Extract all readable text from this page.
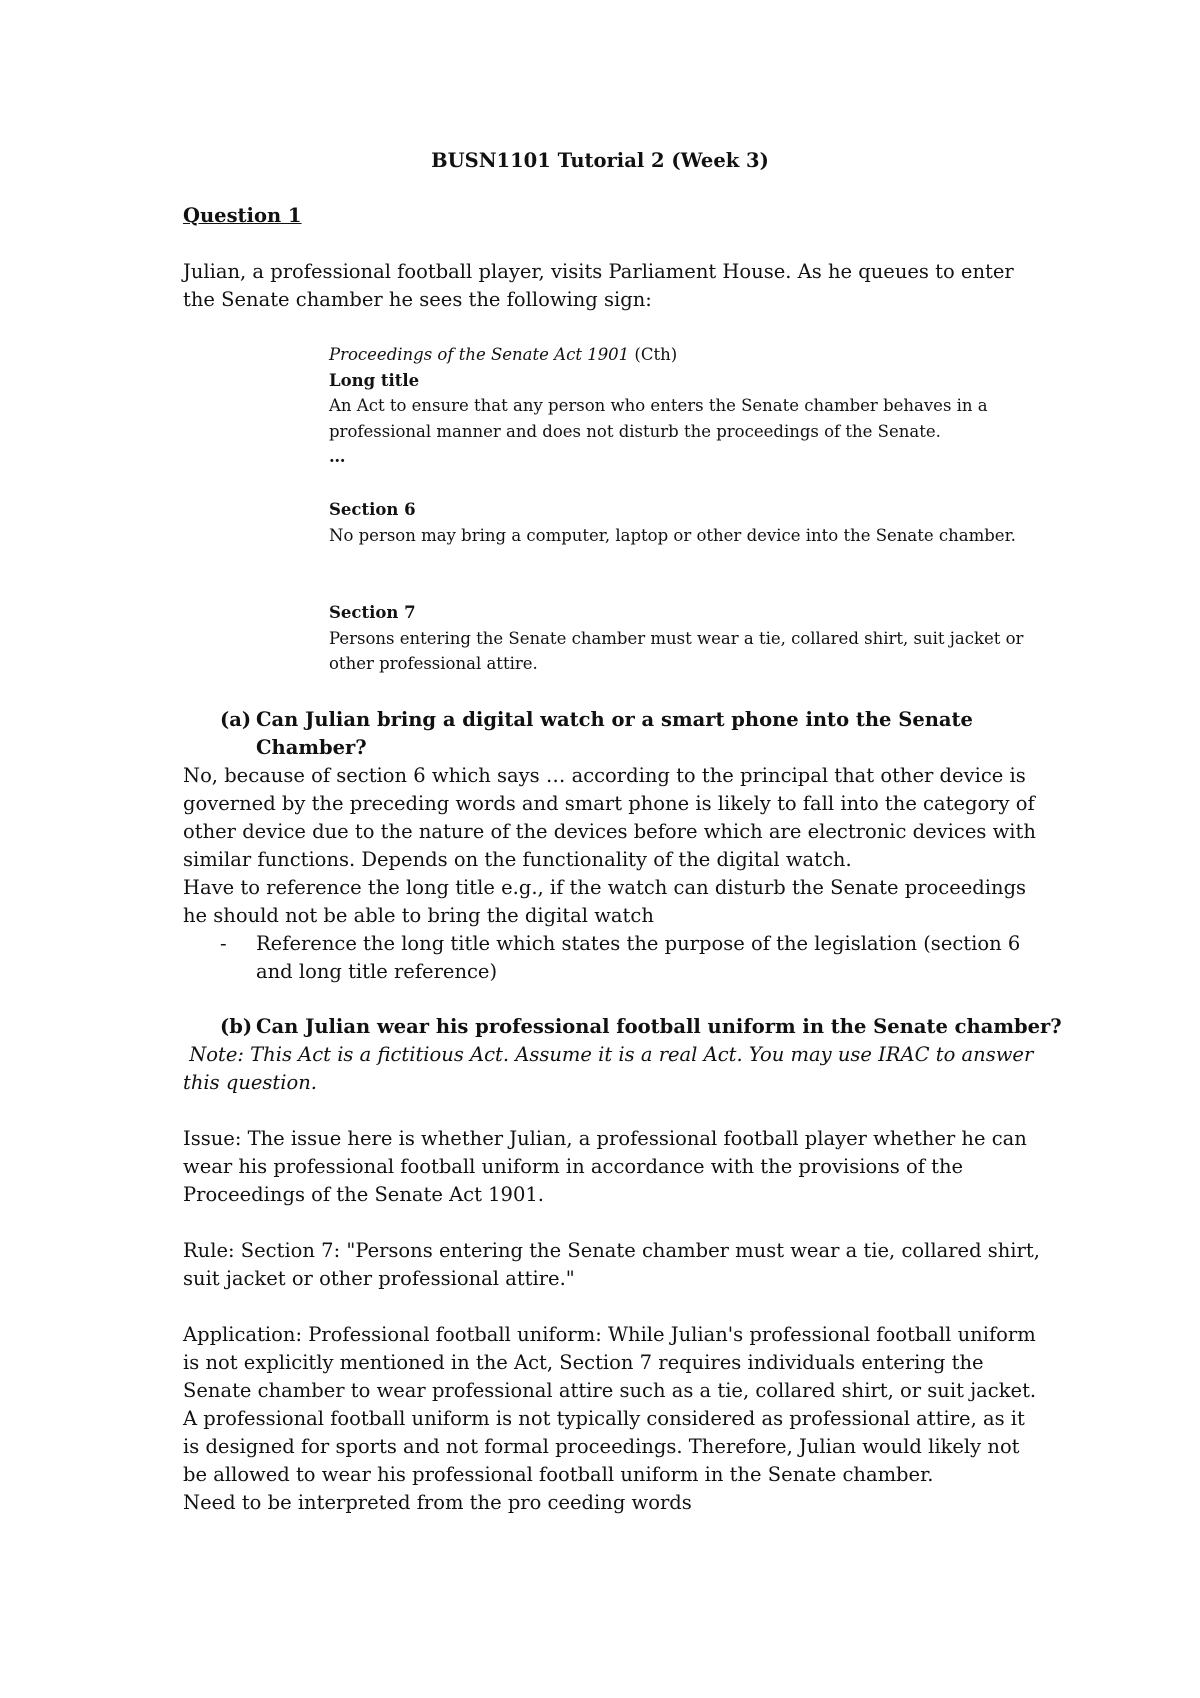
BUSN1101 Tutorial 2 (Week 3)
Question 1

Julian, a professional football player, visits Parliament House. As he queues to enter the Senate chamber he sees the following sign:

Proceedings of the Senate Act 1901 (Cth)
Long title
An Act to ensure that any person who enters the Senate chamber behaves in a professional manner and does not disturb the proceedings of the Senate.
…
Section 6
No person may bring a computer, laptop or other device into the Senate chamber.
Section 7
Persons entering the Senate chamber must wear a tie, collared shirt, suit jacket or other professional attire.
(a) Can Julian bring a digital watch or a smart phone into the Senate
Chamber?

No, because of section 6 which says … according to the principal that other device is governed by the preceding words and smart phone is likely to fall into the category of other device due to the nature of the devices before which are electronic devices with similar functions. Depends on the functionality of the digital watch.

Have to reference the long title e.g., if the watch can disturb the Senate proceedings he should not be able to bring the digital watch

-	Reference the long title which states the purpose of the legislation (section 6 and long title reference)
(b) Can Julian wear his professional football uniform in the Senate chamber?

Note: This Act is a fictitious Act. Assume it is a real Act. You may use IRAC to answer this question.

Issue: The issue here is whether Julian, a professional football player whether he can wear his professional football uniform in accordance with the provisions of the Proceedings of the Senate Act 1901.

Rule: Section 7: "Persons entering the Senate chamber must wear a tie, collared shirt, suit jacket or other professional attire."

Application: Professional football uniform: While Julian's professional football uniform is not explicitly mentioned in the Act, Section 7 requires individuals entering the Senate chamber to wear professional attire such as a tie, collared shirt, or suit jacket. A professional football uniform is not typically considered as professional attire, as it is designed for sports and not formal proceedings. Therefore, Julian would likely not be allowed to wear his professional football uniform in the Senate chamber.

Need to be interpreted from the pro ceeding words
